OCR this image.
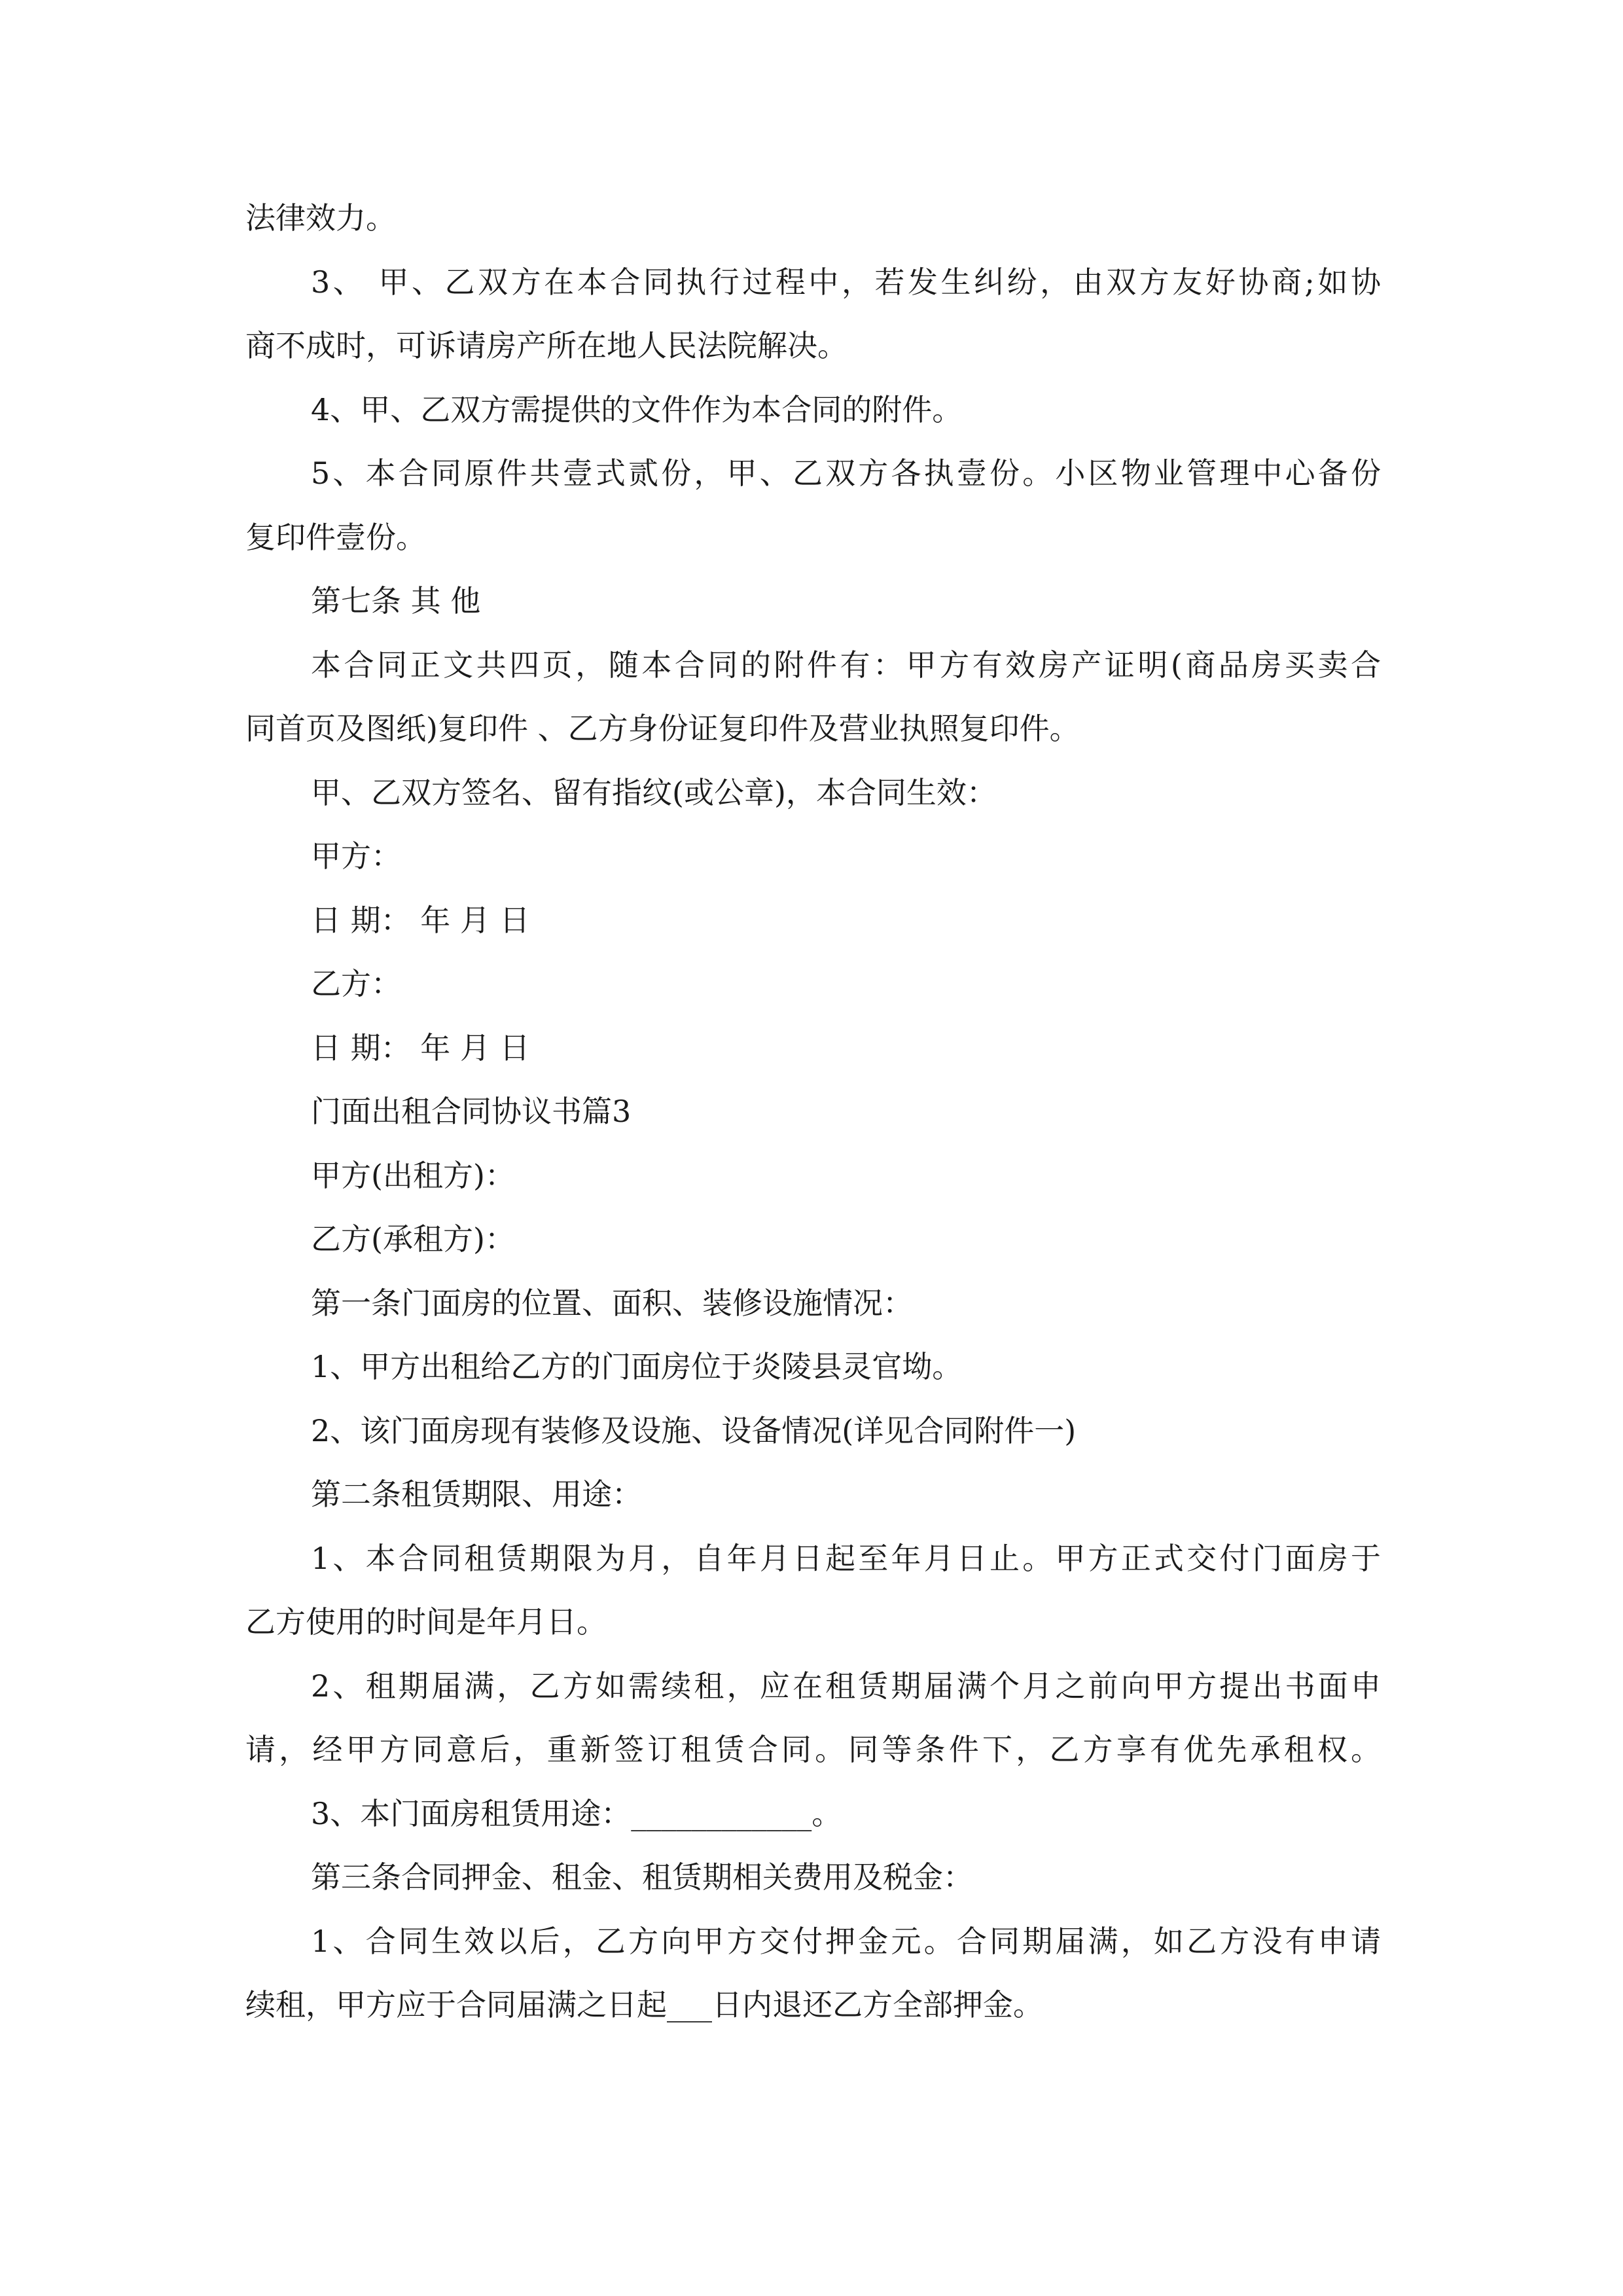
法律效力。
3、 甲、乙双方在本合同执行过程中，若发生纠纷，由双方友好协商;如协
商不成时，可诉请房产所在地人民法院解决。
4、甲、乙双方需提供的文件作为本合同的附件。
5、本合同原件共壹式贰份，甲、乙双方各执壹份。小区物业管理中心备份
复印件壹份。
第七条 其 他
本合同正文共四页，随本合同的附件有：甲方有效房产证明(商品房买卖合
同首页及图纸)复印件 、乙方身份证复印件及营业执照复印件。
甲、乙双方签名、留有指纹(或公章)，本合同生效：
甲方：
日 期： 年 月 日
乙方：
日 期： 年 月 日
门面出租合同协议书篇3
甲方(出租方)：
乙方(承租方)：
第一条门面房的位置、面积、装修设施情况：
1、甲方出租给乙方的门面房位于炎陵县灵官坳。
2、该门面房现有装修及设施、设备情况(详见合同附件一)
第二条租赁期限、用途：
1、本合同租赁期限为月，自年月日起至年月日止。甲方正式交付门面房于
乙方使用的时间是年月日。
2、租期届满，乙方如需续租，应在租赁期届满个月之前向甲方提出书面申
请，经甲方同意后，重新签订租赁合同。同等条件下，乙方享有优先承租权。
3、本门面房租赁用途：____________。
第三条合同押金、租金、租赁期相关费用及税金：
1、合同生效以后，乙方向甲方交付押金元。合同期届满，如乙方没有申请
续租，甲方应于合同届满之日起___日内退还乙方全部押金。
